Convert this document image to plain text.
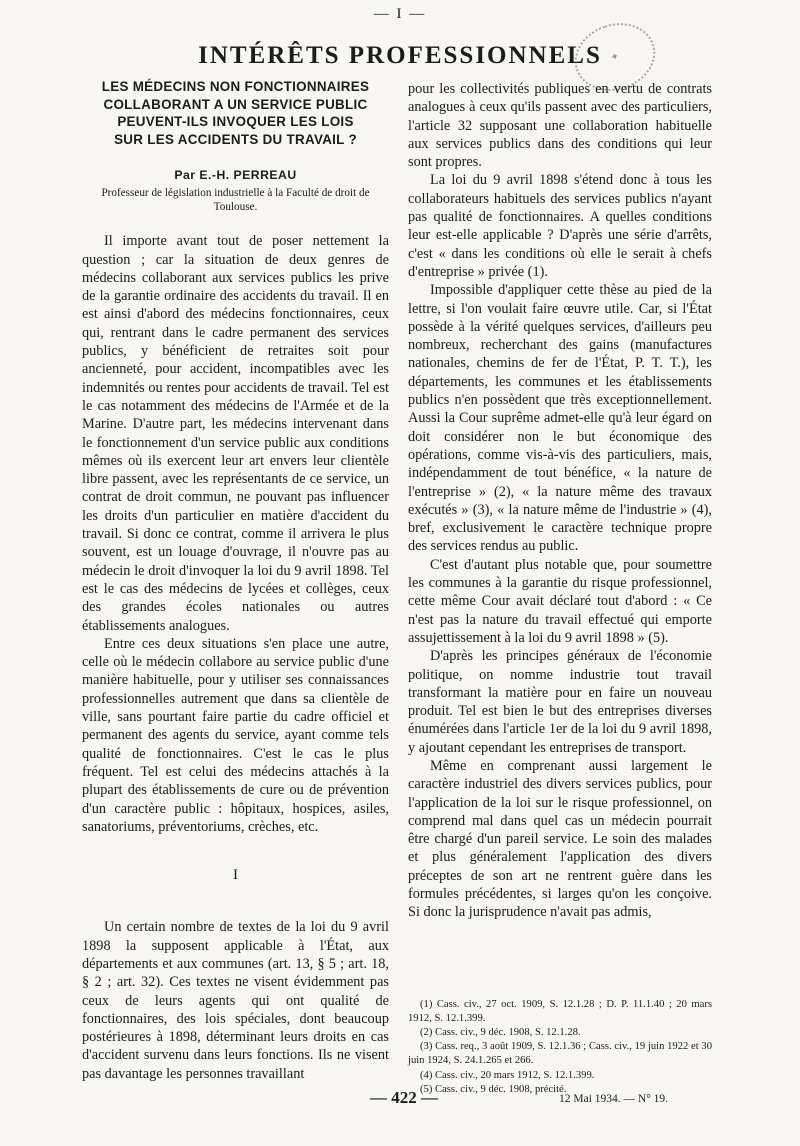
— I —
INTÉRÊTS PROFESSIONNELS ✦
LES MÉDECINS NON FONCTIONNAIRES
COLLABORANT A UN SERVICE PUBLIC
PEUVENT-ILS INVOQUER LES LOIS
SUR LES ACCIDENTS DU TRAVAIL ?
Par E.-H. PERREAU
Professeur de législation industrielle à la Faculté de droit de Toulouse.

Il importe avant tout de poser nettement la question ; car la situation de deux genres de médecins collaborant aux services publics les prive de la garantie ordinaire des accidents du travail. Il en est ainsi d'abord des médecins fonctionnaires, ceux qui, rentrant dans le cadre permanent des services publics, y bénéficient de retraites soit pour ancienneté, pour accident, incompatibles avec les indemnités ou rentes pour accidents de travail. Tel est le cas notamment des médecins de l'Armée et de la Marine. D'autre part, les médecins intervenant dans le fonctionnement d'un service public aux conditions mêmes où ils exercent leur art envers leur clientèle libre passent, avec les représentants de ce service, un contrat de droit commun, ne pouvant pas influencer les droits d'un particulier en matière d'accident du travail. Si donc ce contrat, comme il arrivera le plus souvent, est un louage d'ouvrage, il n'ouvre pas au médecin le droit d'invoquer la loi du 9 avril 1898. Tel est le cas des médecins de lycées et collèges, ceux des grandes écoles nationales ou autres établissements analogues.

Entre ces deux situations s'en place une autre, celle où le médecin collabore au service public d'une manière habituelle, pour y utiliser ses connaissances professionnelles autrement que dans sa clientèle de ville, sans pourtant faire partie du cadre officiel et permanent des agents du service, ayant comme tels qualité de fonctionnaires. C'est le cas le plus fréquent. Tel est celui des médecins attachés à la plupart des établissements de cure ou de prévention d'un caractère public : hôpitaux, hospices, asiles, sanatoriums, préventoriums, crèches, etc.

I

Un certain nombre de textes de la loi du 9 avril 1898 la supposent applicable à l'État, aux départements et aux communes (art. 13, § 5 ; art. 18, § 2 ; art. 32). Ces textes ne visent évidemment pas ceux de leurs agents qui ont qualité de fonctionnaires, des lois spéciales, dont beaucoup postérieures à 1898, déterminant leurs droits en cas d'accident survenu dans leurs fonctions. Ils ne visent pas davantage les personnes travaillant

pour les collectivités publiques en vertu de contrats analogues à ceux qu'ils passent avec des particuliers, l'article 32 supposant une collaboration habituelle aux services publics dans des conditions qui leur sont propres.

La loi du 9 avril 1898 s'étend donc à tous les collaborateurs habituels des services publics n'ayant pas qualité de fonctionnaires. A quelles conditions leur est-elle applicable ? D'après une série d'arrêts, c'est « dans les conditions où elle le serait à chefs d'entreprise » privée (1).

Impossible d'appliquer cette thèse au pied de la lettre, si l'on voulait faire œuvre utile. Car, si l'État possède à la vérité quelques services, d'ailleurs peu nombreux, recherchant des gains (manufactures nationales, chemins de fer de l'État, P. T. T.), les départements, les communes et les établissements publics n'en possèdent que très exceptionnellement. Aussi la Cour suprême admet-elle qu'à leur égard on doit considérer non le but économique des opérations, comme vis-à-vis des particuliers, mais, indépendamment de tout bénéfice, « la nature de l'entreprise » (2), « la nature même des travaux exécutés » (3), « la nature même de l'industrie » (4), bref, exclusivement le caractère technique propre des services rendus au public.

C'est d'autant plus notable que, pour soumettre les communes à la garantie du risque professionnel, cette même Cour avait déclaré tout d'abord : « Ce n'est pas la nature du travail effectué qui emporte assujettissement à la loi du 9 avril 1898 » (5).

D'après les principes généraux de l'économie politique, on nomme industrie tout travail transformant la matière pour en faire un nouveau produit. Tel est bien le but des entreprises diverses énumérées dans l'article 1er de la loi du 9 avril 1898, y ajoutant cependant les entreprises de transport.

Même en comprenant aussi largement le caractère industriel des divers services publics, pour l'application de la loi sur le risque professionnel, on comprend mal dans quel cas un médecin pourrait être chargé d'un pareil service. Le soin des malades et plus généralement l'application des divers préceptes de son art ne rentrent guère dans les formules précédentes, si larges qu'on les conçoive. Si donc la jurisprudence n'avait pas admis,

(1) Cass. civ., 27 oct. 1909, S. 12.1.28 ; D. P. 11.1.40 ; 20 mars 1912, S. 12.1.399.
(2) Cass. civ., 9 déc. 1908, S. 12.1.28.
(3) Cass. req., 3 août 1909, S. 12.1.36 ; Cass. civ., 19 juin 1922 et 30 juin 1924, S. 24.1.265 et 266.
(4) Cass. civ., 20 mars 1912, S. 12.1.399.
(5) Cass. civ., 9 déc. 1908, précité.
— 422 —	12 Mai 1934. — N° 19.
